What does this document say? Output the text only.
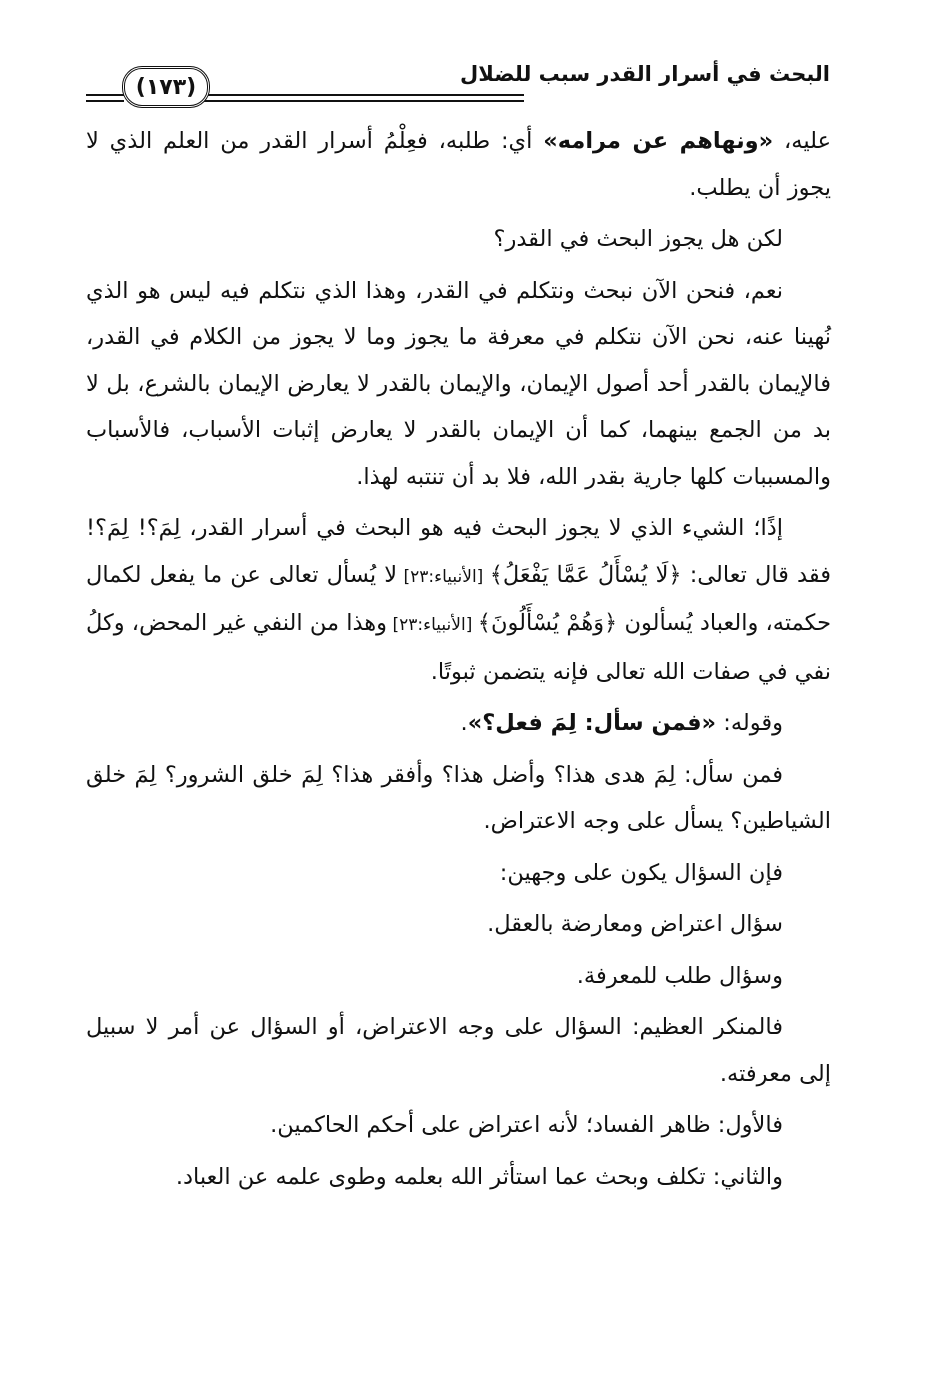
(١٧٣)
البحث في أسرار القدر سبب للضلال

عليه، «ونهاهم عن مرامه» أي: طلبه، فعِلْمُ أسرار القدر من العلم الذي لا يجوز أن يطلب.

لكن هل يجوز البحث في القدر؟

نعم، فنحن الآن نبحث ونتكلم في القدر، وهذا الذي نتكلم فيه ليس هو الذي نُهينا عنه، نحن الآن نتكلم في معرفة ما يجوز وما لا يجوز من الكلام في القدر، فالإيمان بالقدر أحد أصول الإيمان، والإيمان بالقدر لا يعارض الإيمان بالشرع، بل لا بد من الجمع بينهما، كما أن الإيمان بالقدر لا يعارض إثبات الأسباب، فالأسباب والمسببات كلها جارية بقدر الله، فلا بد أن تنتبه لهذا.

إذًا؛ الشيء الذي لا يجوز البحث فيه هو البحث في أسرار القدر، لِمَ؟! لِمَ؟! فقد قال تعالى: ﴿لَا يُسْأَلُ عَمَّا يَفْعَلُ﴾ [الأنبياء:٢٣] لا يُسأل تعالى عن ما يفعل لكمال حكمته، والعباد يُسألون ﴿وَهُمْ يُسْأَلُونَ﴾ [الأنبياء:٢٣] وهذا من النفي غير المحض، وكلُ نفي في صفات الله تعالى فإنه يتضمن ثبوتًا.

وقوله: «فمن سأل: لِمَ فعل؟».

فمن سأل: لِمَ هدى هذا؟ وأضل هذا؟ وأفقر هذا؟ لِمَ خلق الشرور؟ لِمَ خلق الشياطين؟ يسأل على وجه الاعتراض.

فإن السؤال يكون على وجهين:

سؤال اعتراض ومعارضة بالعقل.

وسؤال طلب للمعرفة.

فالمنكر العظيم: السؤال على وجه الاعتراض، أو السؤال عن أمر لا سبيل إلى معرفته.

فالأول: ظاهر الفساد؛ لأنه اعتراض على أحكم الحاكمين.

والثاني: تكلف وبحث عما استأثر الله بعلمه وطوى علمه عن العباد.
